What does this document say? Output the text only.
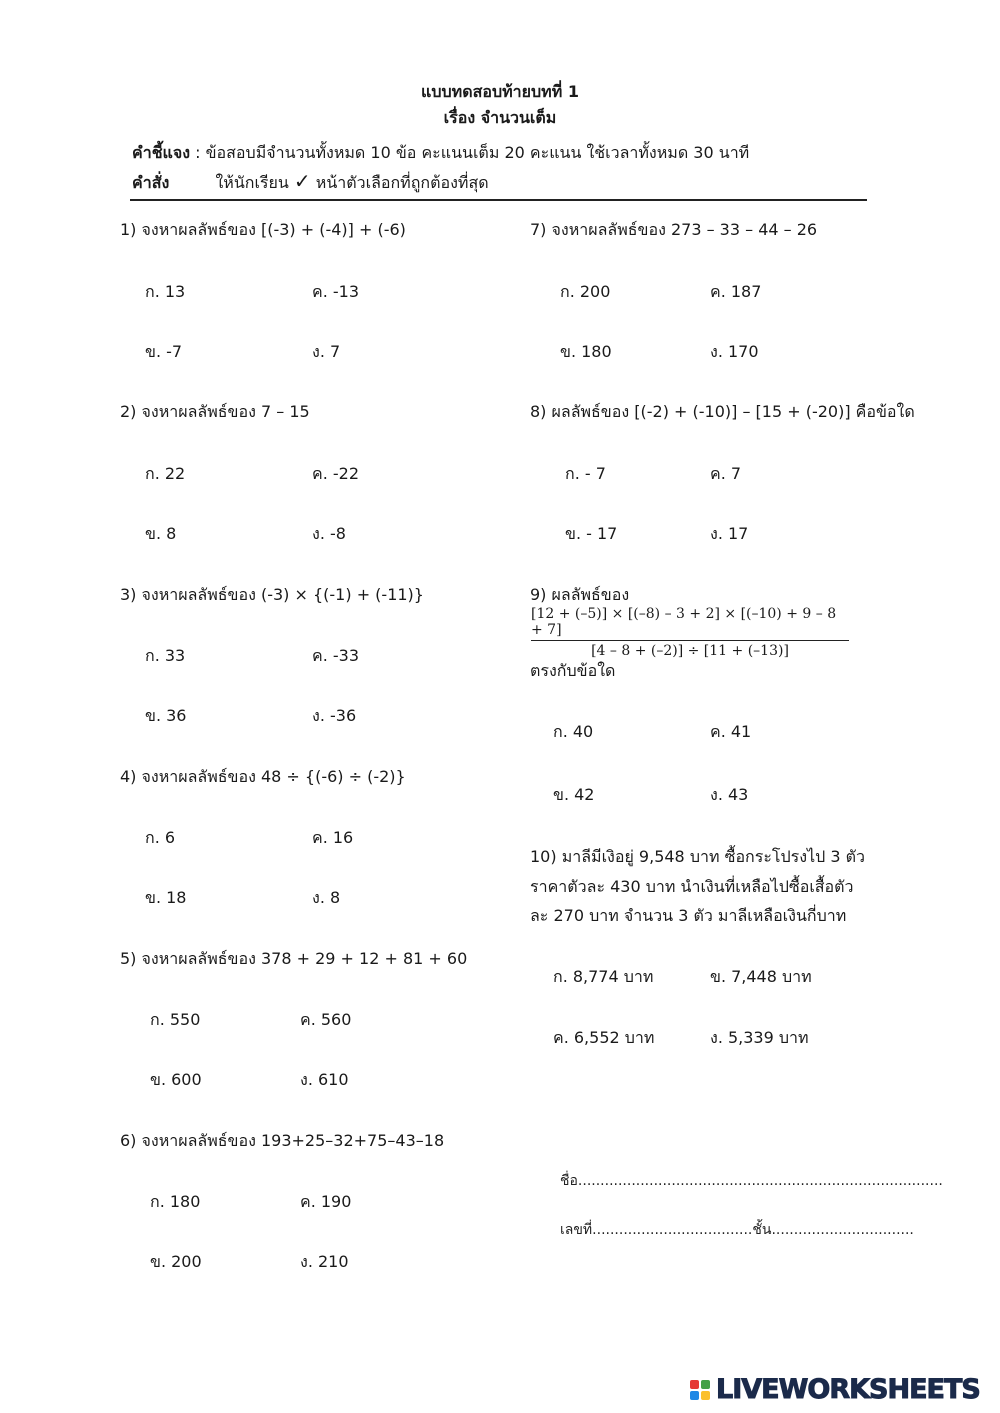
แบบทดสอบท้ายบทที่ 1
เรื่อง จำนวนเต็ม
คำชี้แจง : ข้อสอบมีจำนวนทั้งหมด 10 ข้อ คะแนนเต็ม 20 คะแนน ใช้เวลาทั้งหมด 30 นาที
คำสั่ง	ให้นักเรียน ✓ หน้าตัวเลือกที่ถูกต้องที่สุด
1) จงหาผลลัพธ์ของ [(-3) + (-4)] + (-6)
ก. 13	ค. -13
ข. -7	ง. 7
2) จงหาผลลัพธ์ของ 7 – 15
ก. 22	ค. -22
ข. 8	ง. -8
3) จงหาผลลัพธ์ของ (-3) × {(-1) + (-11)}
ก. 33	ค. -33
ข. 36	ง. -36
4) จงหาผลลัพธ์ของ 48 ÷ {(-6) ÷ (-2)}
ก. 6	ค. 16
ข. 18	ง. 8
5) จงหาผลลัพธ์ของ 378 + 29 + 12 + 81 + 60
ก. 550	ค. 560
ข. 600	ง. 610
6) จงหาผลลัพธ์ของ 193+25–32+75–43–18
ก. 180	ค. 190
ข. 200	ง. 210
7) จงหาผลลัพธ์ของ 273 – 33 – 44 – 26
ก. 200	ค. 187
ข. 180	ง. 170
8) ผลลัพธ์ของ [(-2) + (-10)] – [15 + (-20)] คือข้อใด
ก. - 7	ค. 7
ข. - 17	ง. 17
9) ผลลัพธ์ของ
$\frac{[12 + (-5)] \times [(-8) - 3 + 2] \times [(-10) + 9 - 8 + 7]}{[4 - 8 + (-2)] \div [11 + (-13)]}$
ตรงกับข้อใด
ก. 40	ค. 41
ข. 42	ง. 43
10) มาลีมีเงิอยู่ 9,548 บาท ซื้อกระโปรงไป 3 ตัว
ราคาตัวละ 430 บาท นำเงินที่เหลือไปซื้อเสื้อตัว
ละ 270 บาท จำนวน 3 ตัว มาลีเหลือเงินกี่บาท
ก. 8,774 บาท	ข. 7,448 บาท
ค. 6,552 บาท	ง. 5,339 บาท
ชื่อ..................................................................................
เลขที่....................................ชั้น................................
LIVEWORKSHEETS
